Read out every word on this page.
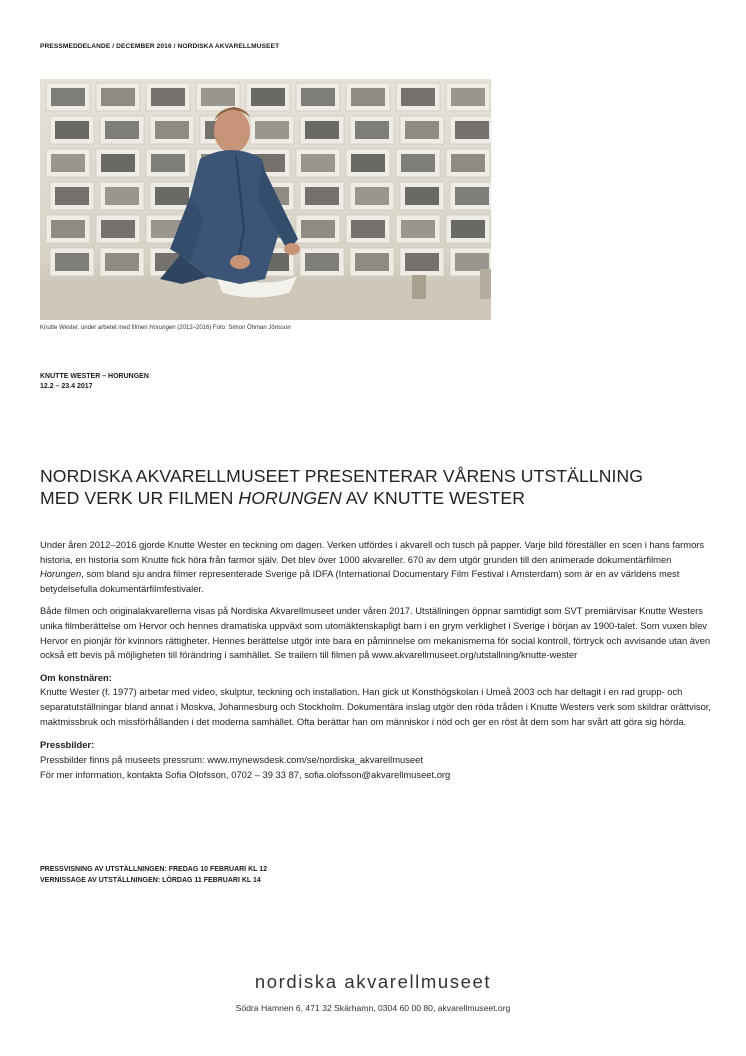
PRESSMEDDELANDE / DECEMBER 2016 / NORDISKA AKVARELLMUSEET
Knutte Wester, under arbetet med filmen Horungen (2012–2016) Foto: Simon Öhman Jönsson
KNUTTE WESTER – HORUNGEN
12.2 – 23.4 2017
NORDISKA AKVARELLMUSEET PRESENTERAR VÅRENS UTSTÄLLNING
MED VERK UR FILMEN HORUNGEN AV KNUTTE WESTER

Under åren 2012–2016 gjorde Knutte Wester en teckning om dagen. Verken utfördes i akvarell och tusch på papper. Varje bild föreställer en scen i hans farmors historia, en historia som Knutte fick höra från farmor själv. Det blev över 1000 akvareller. 670 av dem utgör grunden till den animerade dokumentärfilmen Horungen, som bland sju andra filmer representerade Sverige på IDFA (International Documentary Film Festival i Amsterdam) som är en av världens mest betydelsefulla dokumentärfilmfestivaler.

Både filmen och originalakvarellerna visas på Nordiska Akvarellmuseet under våren 2017. Utställningen öppnar samtidigt som SVT premiärvisar Knutte Westers unika filmberättelse om Hervor och hennes dramatiska uppväxt som utomäktenskapligt barn i en grym verklighet i Sverige i början av 1900-talet. Som vuxen blev Hervor en pionjär för kvinnors rättigheter. Hennes berättelse utgör inte bara en påminnelse om mekanismerna för social kontroll, förtryck och avvisande utan även också ett bevis på möjligheten till förändring i samhället. Se trailern till filmen på www.akvarellmuseet.org/utstallning/knutte-wester

Om konstnären:
Knutte Wester (f. 1977) arbetar med video, skulptur, teckning och installation. Han gick ut Konsthögskolan i Umeå 2003 och har deltagit i en rad grupp- och separatutställningar bland annat i Moskva, Johannesburg och Stockholm. Dokumentära inslag utgör den röda tråden i Knutte Westers verk som skildrar orättvisor, maktmissbruk och missförhållanden i det moderna samhället. Ofta berättar han om människor i nöd och ger en röst åt dem som har svårt att göra sig hörda.
Pressbilder:
Pressbilder finns på museets pressrum: www.mynewsdesk.com/se/nordiska_akvarellmuseet
För mer information, kontakta Sofia Olofsson, 0702 – 39 33 87, sofia.olofsson@akvarellmuseet.org
PRESSVISNING AV UTSTÄLLNINGEN: FREDAG 10 FEBRUARI KL 12
VERNISSAGE AV UTSTÄLLNINGEN: LÖRDAG 11 FEBRUARI KL 14
nordiska akvarellmuseet
Södra Hamnen 6, 471 32 Skärhamn, 0304 60 00 80, akvarellmuseet.org
